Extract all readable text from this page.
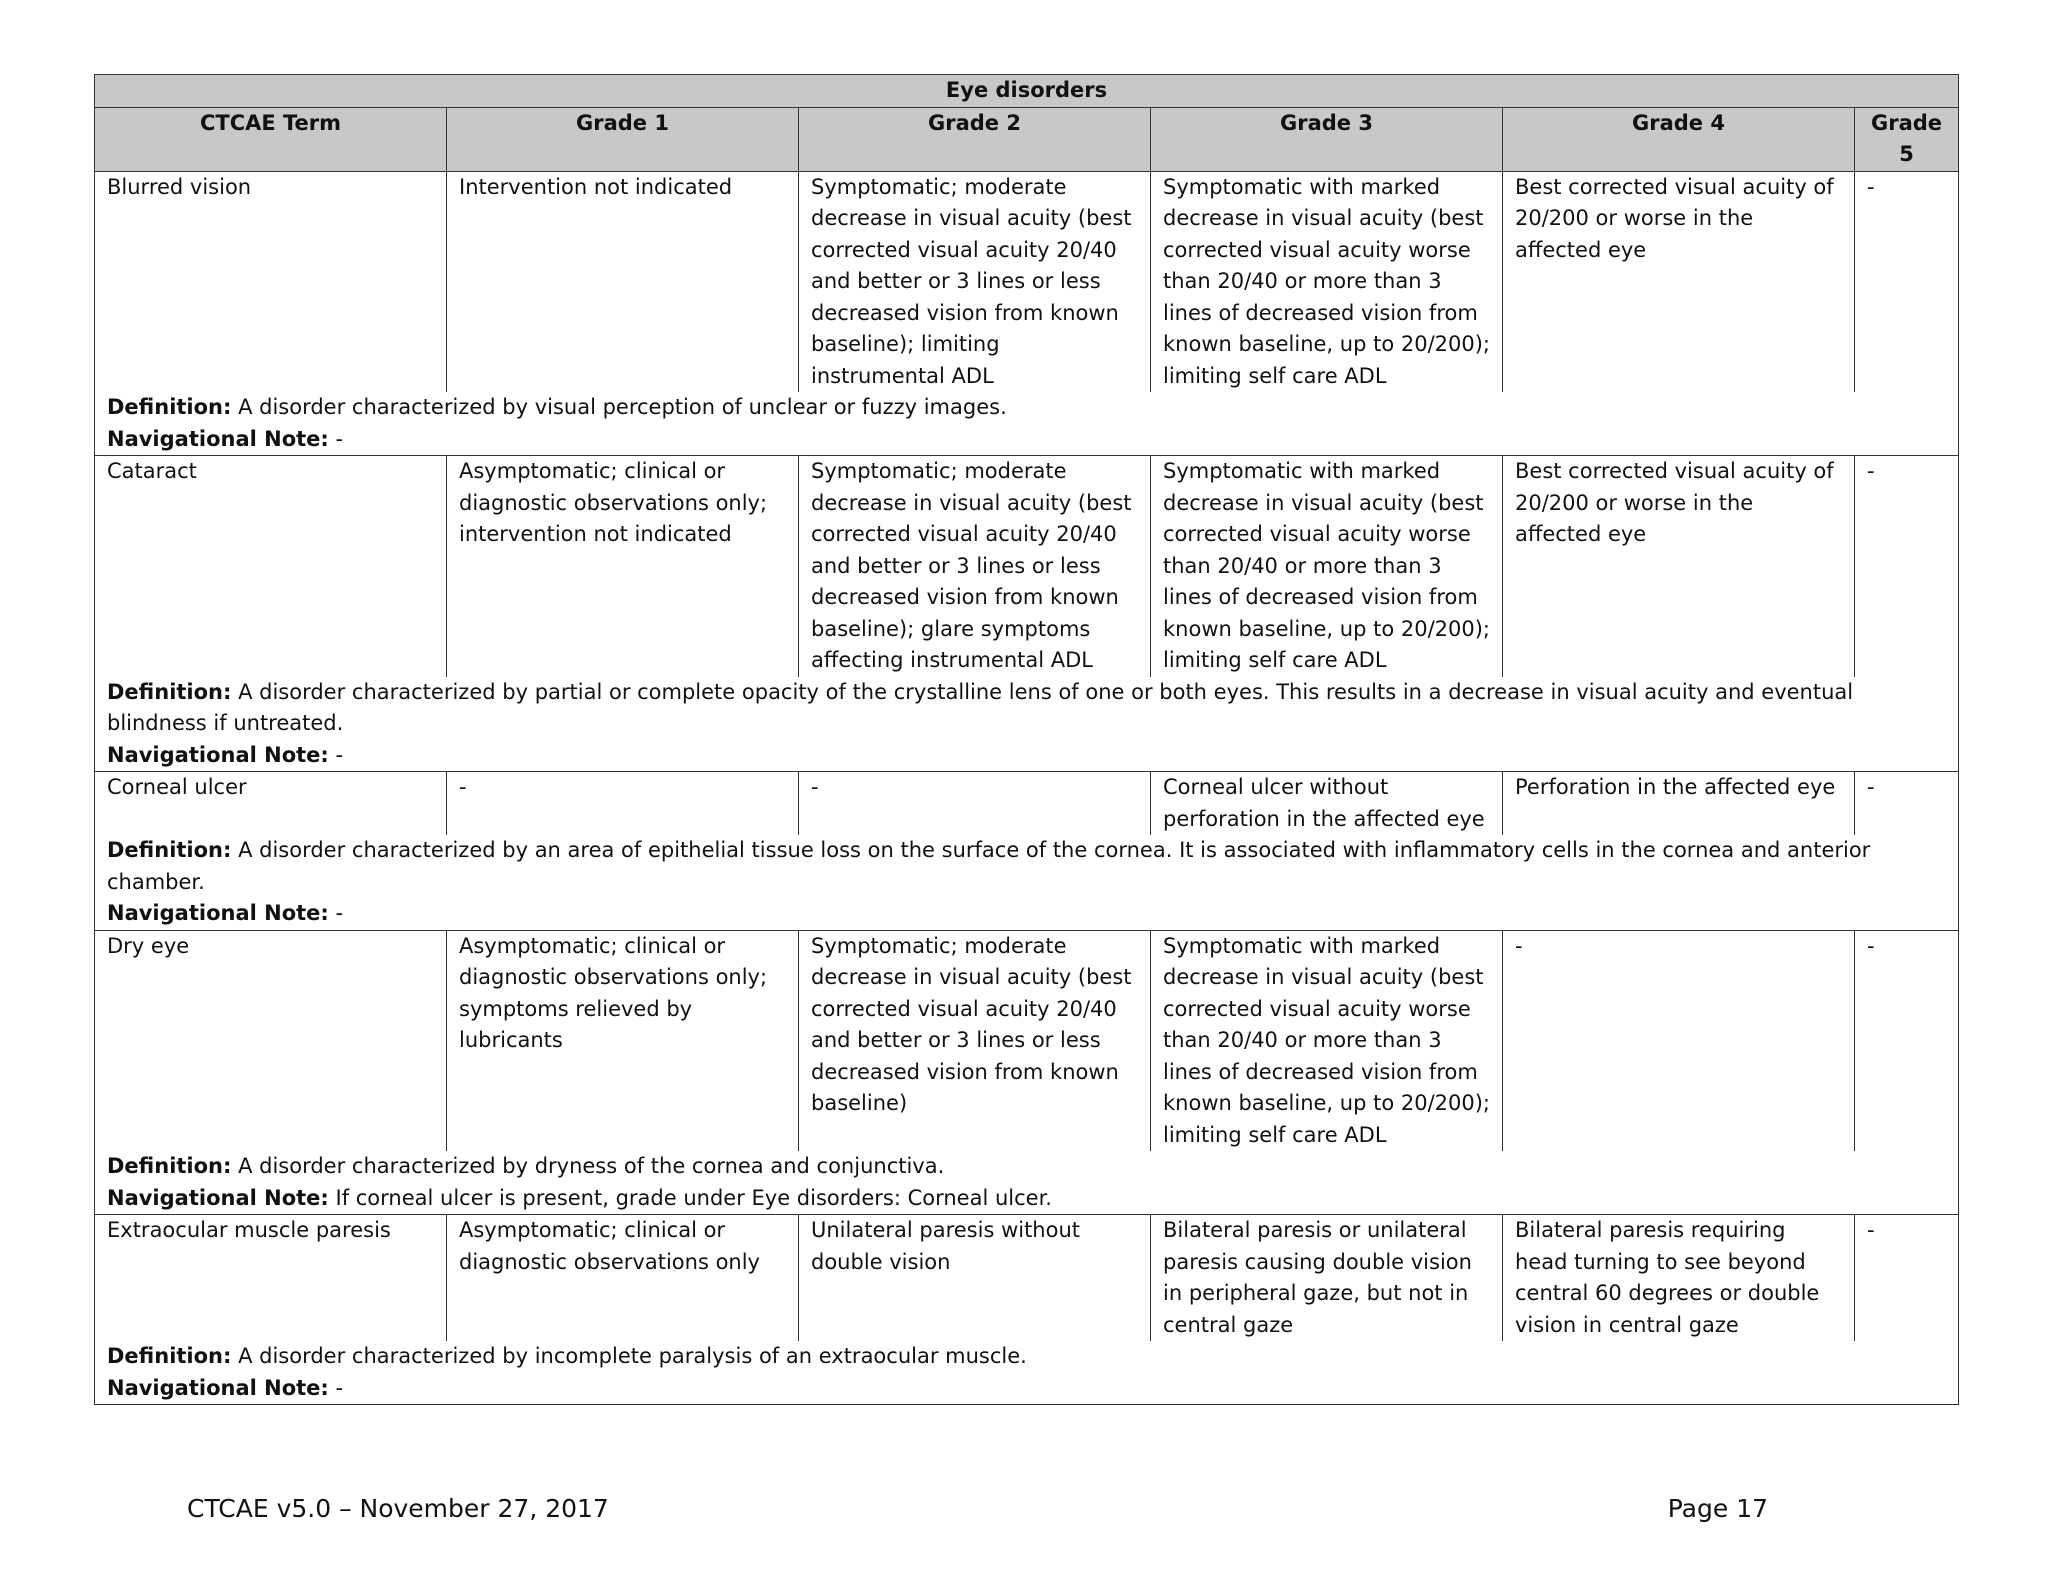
Eye disorders					
CTCAE Term	Grade 1	Grade 2	Grade 3	Grade 4	Grade 5
Blurred vision	Intervention not indicated	Symptomatic; moderate decrease in visual acuity (best corrected visual acuity 20/40 and better or 3 lines or less decreased vision from known baseline); limiting instrumental ADL	Symptomatic with marked decrease in visual acuity (best corrected visual acuity worse than 20/40 or more than 3 lines of decreased vision from known baseline, up to 20/200); limiting self care ADL	Best corrected visual acuity of 20/200 or worse in the affected eye	-

Definition: A disorder characterized by visual perception of unclear or fuzzy images.
Navigational Note: -					

Cataract	Asymptomatic; clinical or diagnostic observations only; intervention not indicated	Symptomatic; moderate decrease in visual acuity (best corrected visual acuity 20/40 and better or 3 lines or less decreased vision from known baseline); glare symptoms affecting instrumental ADL	Symptomatic with marked decrease in visual acuity (best corrected visual acuity worse than 20/40 or more than 3 lines of decreased vision from known baseline, up to 20/200); limiting self care ADL	Best corrected visual acuity of 20/200 or worse in the affected eye	-

Definition: A disorder characterized by partial or complete opacity of the crystalline lens of one or both eyes. This results in a decrease in visual acuity and eventual blindness if untreated.
Navigational Note: -					

Corneal ulcer	-	-	Corneal ulcer without perforation in the affected eye	Perforation in the affected eye	-

Definition: A disorder characterized by an area of epithelial tissue loss on the surface of the cornea. It is associated with inflammatory cells in the cornea and anterior chamber.
Navigational Note: -					

Dry eye	Asymptomatic; clinical or diagnostic observations only; symptoms relieved by lubricants	Symptomatic; moderate decrease in visual acuity (best corrected visual acuity 20/40 and better or 3 lines or less decreased vision from known baseline)	Symptomatic with marked decrease in visual acuity (best corrected visual acuity worse than 20/40 or more than 3 lines of decreased vision from known baseline, up to 20/200); limiting self care ADL	-	-

Definition: A disorder characterized by dryness of the cornea and conjunctiva.
Navigational Note: If corneal ulcer is present, grade under Eye disorders: Corneal ulcer.					

Extraocular muscle paresis	Asymptomatic; clinical or diagnostic observations only	Unilateral paresis without double vision	Bilateral paresis or unilateral paresis causing double vision in peripheral gaze, but not in central gaze	Bilateral paresis requiring head turning to see beyond central 60 degrees or double vision in central gaze	-

Definition: A disorder characterized by incomplete paralysis of an extraocular muscle.
Navigational Note: -					
CTCAE v5.0 – November 27, 2017	Page 17
